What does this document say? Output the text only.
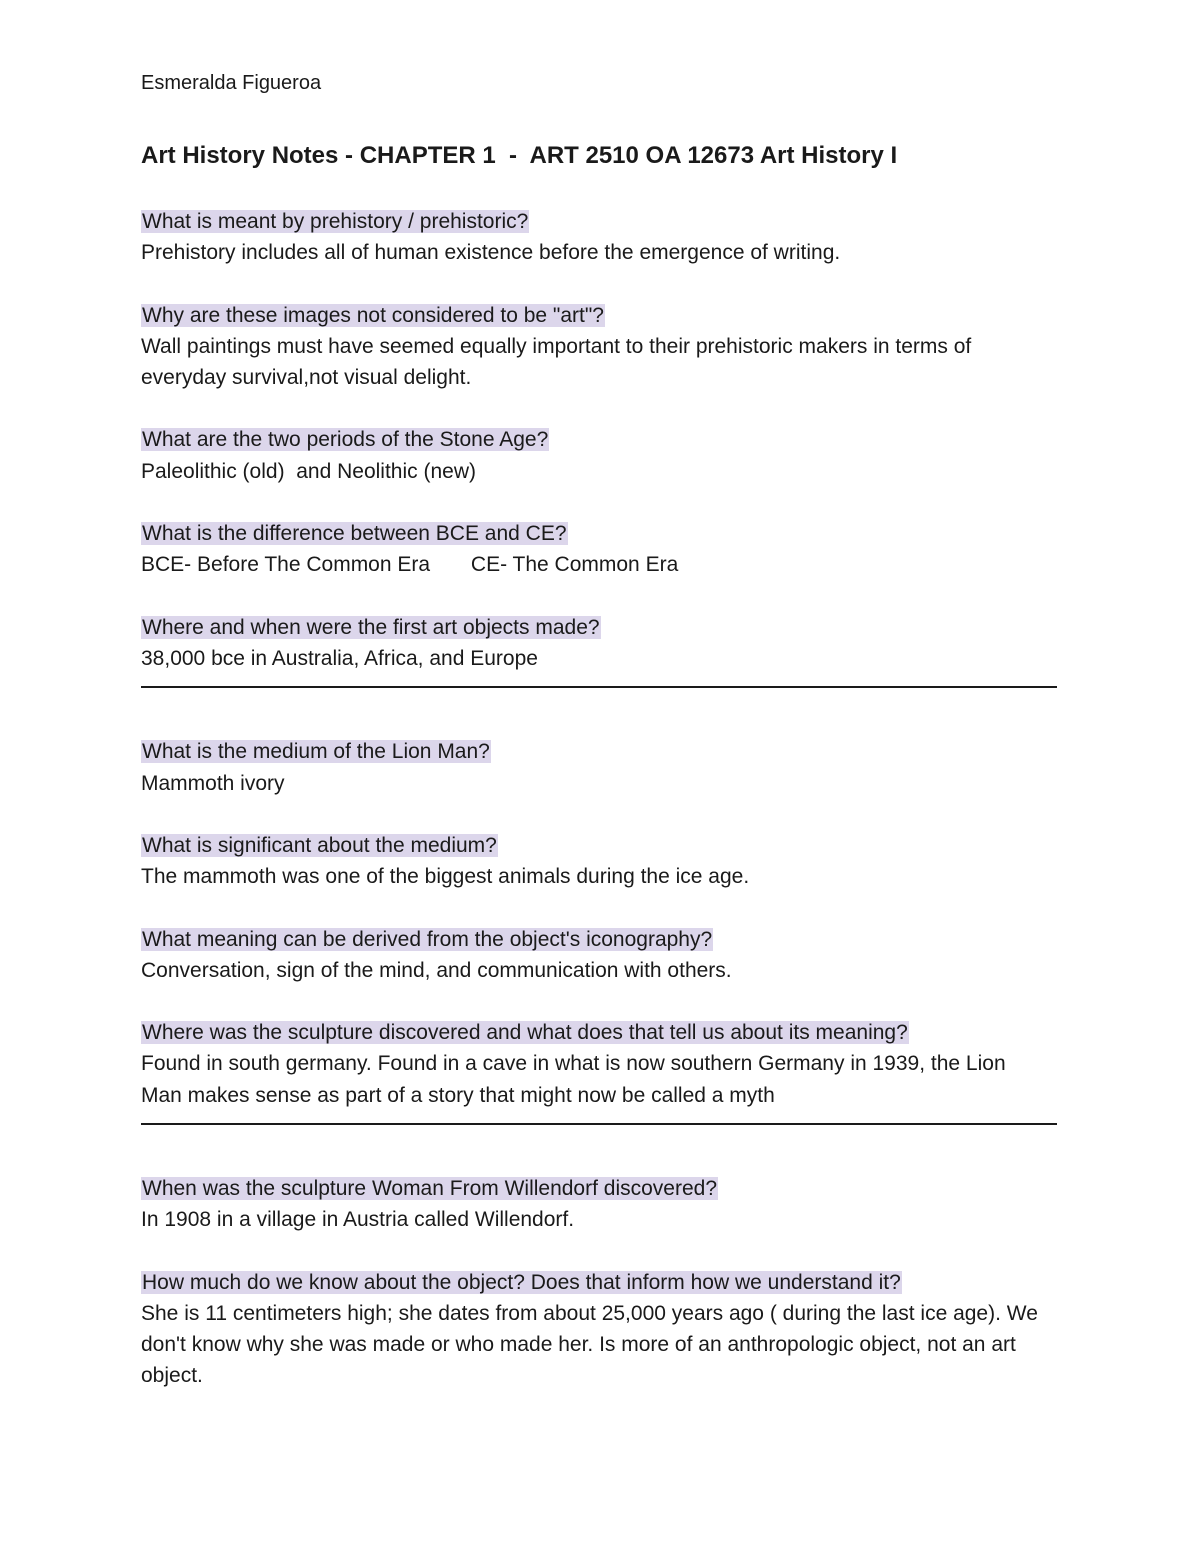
Esmeralda Figueroa
Art History Notes - CHAPTER 1  -  ART 2510 OA 12673 Art History I
What is meant by prehistory / prehistoric?
Prehistory includes all of human existence before the emergence of writing.
Why are these images not considered to be "art"?
Wall paintings must have seemed equally important to their prehistoric makers in terms of everyday survival,not visual delight.
What are the two periods of the Stone Age?
Paleolithic (old)  and Neolithic (new)
What is the difference between BCE and CE?
BCE- Before The Common Era       CE- The Common Era
Where and when were the first art objects made?
38,000 bce in Australia, Africa, and Europe
What is the medium of the Lion Man?
Mammoth ivory
What is significant about the medium?
The mammoth was one of the biggest animals during the ice age.
What meaning can be derived from the object's iconography?
Conversation, sign of the mind, and communication with others.
Where was the sculpture discovered and what does that tell us about its meaning?
Found in south germany. Found in a cave in what is now southern Germany in 1939, the Lion Man makes sense as part of a story that might now be called a myth
When was the sculpture Woman From Willendorf discovered?
In 1908 in a village in Austria called Willendorf.
How much do we know about the object? Does that inform how we understand it?
She is 11 centimeters high; she dates from about 25,000 years ago ( during the last ice age). We don't know why she was made or who made her. Is more of an anthropologic object, not an art object.
